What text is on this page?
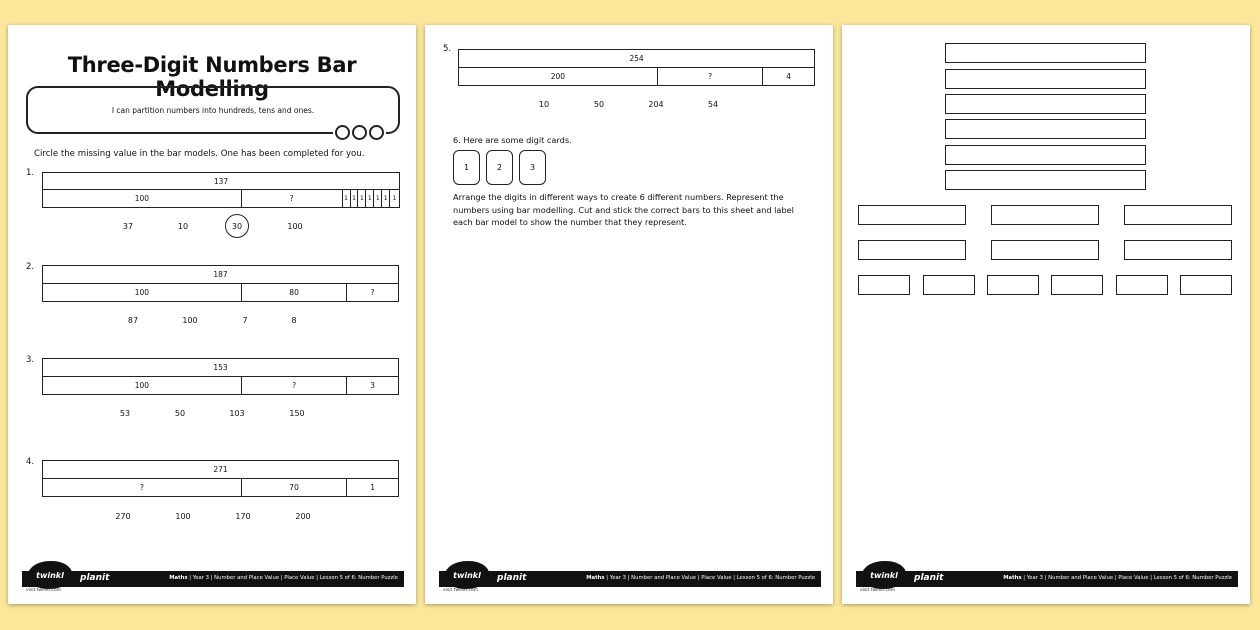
Three-Digit Numbers Bar Modelling
I can partition numbers into hundreds, tens and ones.
Circle the missing value in the bar models. One has been completed for you.
1.
137
100	?	1 1 1 1 1 1 1
37	10	30	100
2.
187
100	80	?
87	100	7	8
3.
153
100	?	3
53	50	103	150
4.
271
?	70	1
270	100	170	200
twinkl	planit	Maths | Year 3 | Number and Place Value | Place Value | Lesson 5 of 6: Number Puzzle
visit twinkl.com
5.
254
200	?	4
10	50	204	54
6. Here are some digit cards.
1	2	3
Arrange the digits in different ways to create 6 different numbers. Represent the numbers using bar modelling. Cut and stick the correct bars to this sheet and label each bar model to show the number that they represent.
twinkl	planit	Maths | Year 3 | Number and Place Value | Place Value | Lesson 5 of 6: Number Puzzle
visit twinkl.com
twinkl	planit	Maths | Year 3 | Number and Place Value | Place Value | Lesson 5 of 6: Number Puzzle
visit twinkl.com
